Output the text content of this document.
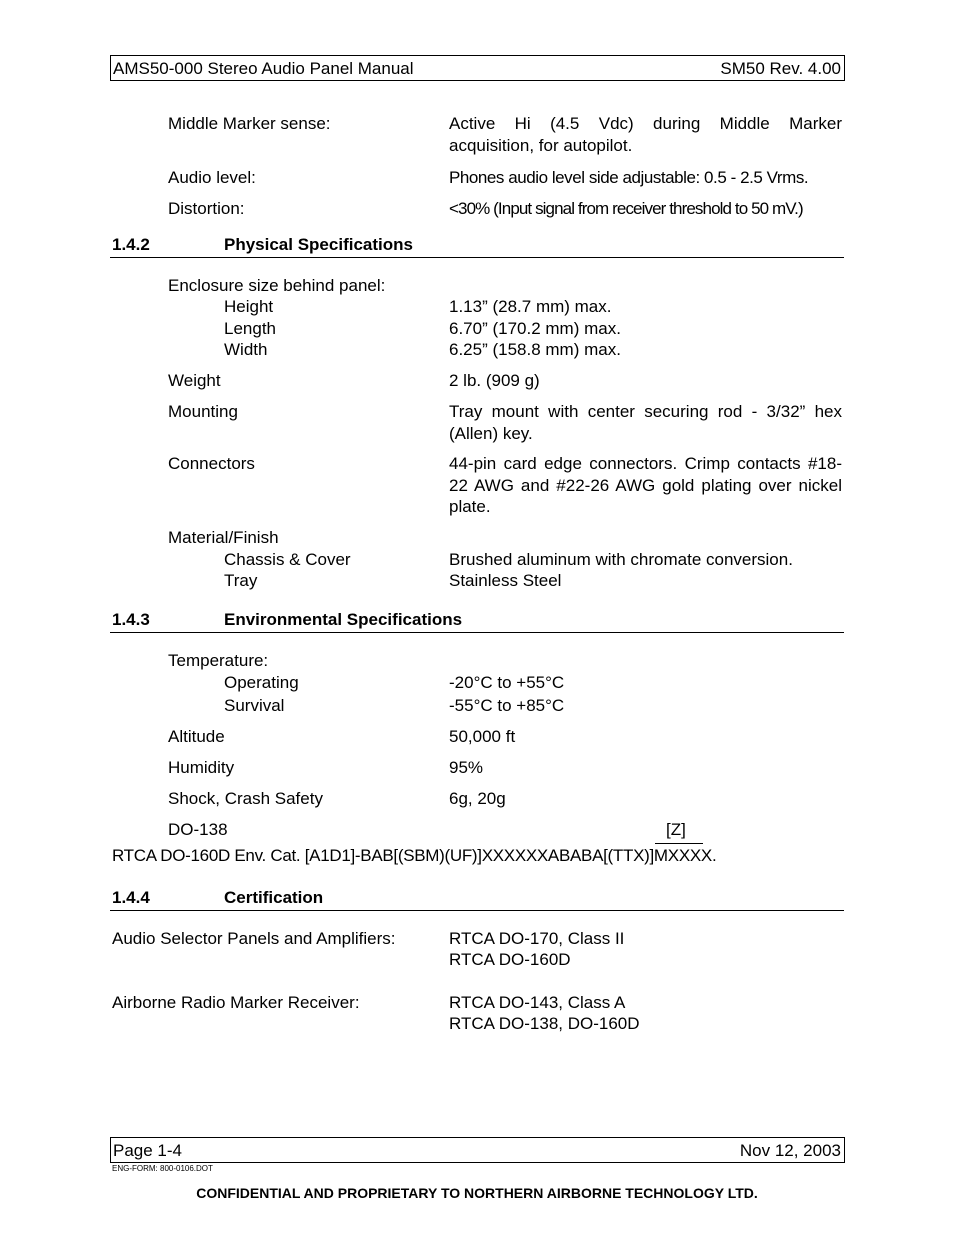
AMS50-000 Stereo Audio Panel Manual	SM50 Rev. 4.00
Middle Marker sense:	Active Hi (4.5 Vdc) during Middle Marker acquisition, for autopilot.
Audio level:	Phones audio level side adjustable: 0.5 - 2.5 Vrms.
Distortion:	<30% (Input signal from receiver threshold to 50 mV.)
1.4.2	Physical Specifications
Enclosure size behind panel:
Height	1.13” (28.7 mm) max.
Length	6.70” (170.2 mm) max.
Width	6.25” (158.8 mm) max.
Weight	2 lb. (909 g)
Mounting	Tray mount with center securing rod - 3/32” hex (Allen) key.
Connectors	44-pin card edge connectors. Crimp contacts #18-22 AWG and #22-26 AWG gold plating over nickel plate.
Material/Finish
Chassis & Cover	Brushed aluminum with chromate conversion.
Tray	Stainless Steel
1.4.3	Environmental Specifications
Temperature:
Operating	-20°C to +55°C
Survival	-55°C to +85°C
Altitude	50,000 ft
Humidity	95%
Shock, Crash Safety	6g, 20g
DO-138	[Z]
RTCA DO-160D Env. Cat. [A1D1]-BAB[(SBM)(UF)]XXXXXXABABA[(TTX)]MXXXX.
1.4.4	Certification
Audio Selector Panels and Amplifiers:	RTCA DO-170, Class II
RTCA DO-160D
Airborne Radio Marker Receiver:	RTCA DO-143, Class A
RTCA DO-138, DO-160D
Page 1-4	Nov 12, 2003
ENG-FORM: 800-0106.DOT
CONFIDENTIAL AND PROPRIETARY TO NORTHERN AIRBORNE TECHNOLOGY LTD.
